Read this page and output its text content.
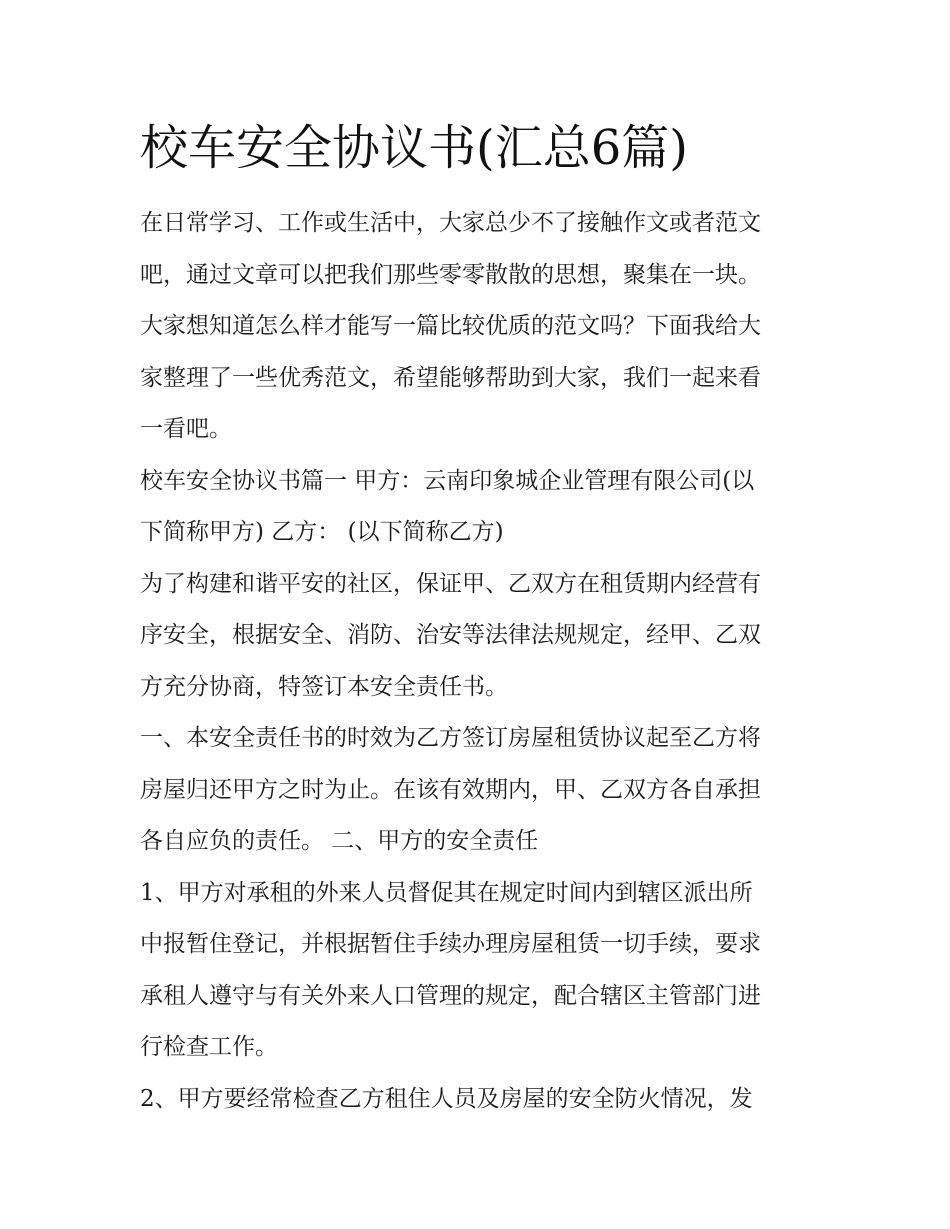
校车安全协议书(汇总6篇)

在日常学习、工作或生活中，大家总少不了接触作文或者范文

吧，通过文章可以把我们那些零零散散的思想，聚集在一块。

大家想知道怎么样才能写一篇比较优质的范文吗？下面我给大

家整理了一些优秀范文，希望能够帮助到大家，我们一起来看

一看吧。

校车安全协议书篇一 甲方：云南印象城企业管理有限公司(以

下简称甲方) 乙方： (以下简称乙方)

为了构建和谐平安的社区，保证甲、乙双方在租赁期内经营有

序安全，根据安全、消防、治安等法律法规规定，经甲、乙双

方充分协商，特签订本安全责任书。

一、本安全责任书的时效为乙方签订房屋租赁协议起至乙方将

房屋归还甲方之时为止。在该有效期内，甲、乙双方各自承担

各自应负的责任。 二、甲方的安全责任

1、甲方对承租的外来人员督促其在规定时间内到辖区派出所

中报暂住登记，并根据暂住手续办理房屋租赁一切手续，要求

承租人遵守与有关外来人口管理的规定，配合辖区主管部门进

行检查工作。

2、甲方要经常检查乙方租住人员及房屋的安全防火情况，发
